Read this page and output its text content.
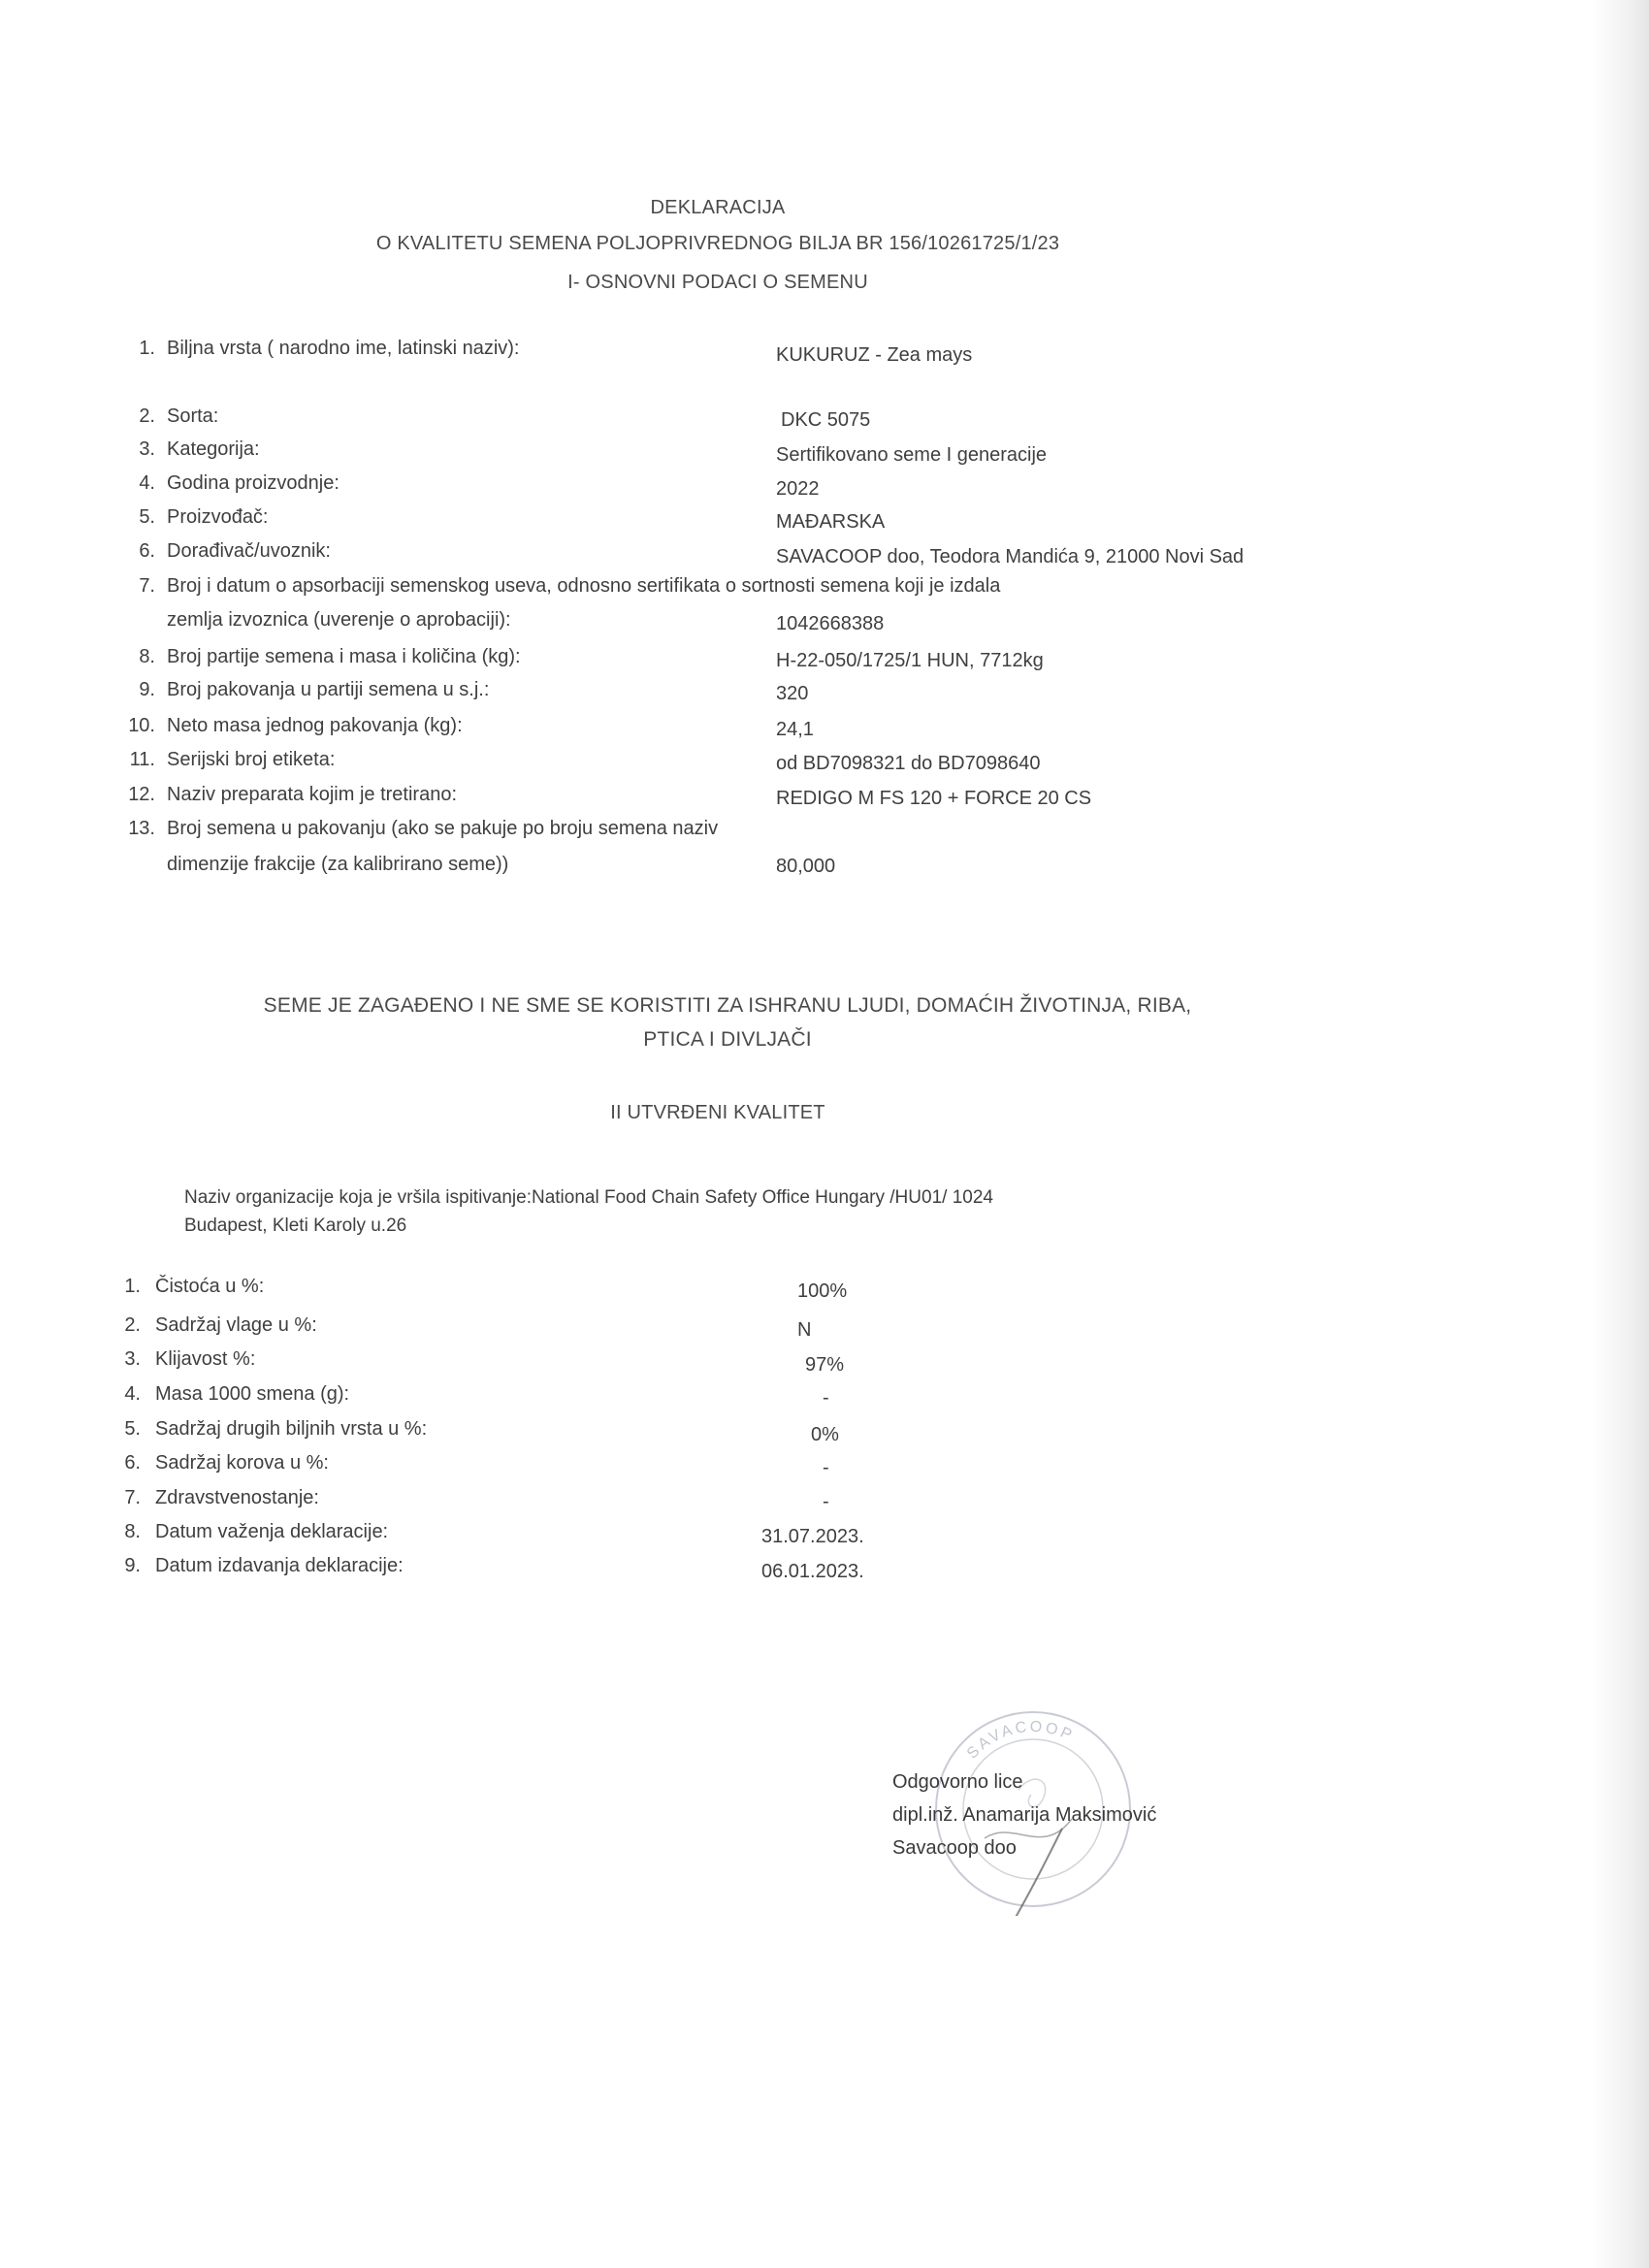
DEKLARACIJA
O KVALITETU SEMENA POLJOPRIVREDNOG BILJA BR 156/10261725/1/23
I- OSNOVNI PODACI O SEMENU
1. Biljna vrsta ( narodno ime, latinski naziv):	KUKURUZ - Zea mays
2. Sorta:	DKC 5075
3. Kategorija:	Sertifikovano seme I generacije
4. Godina proizvodnje:	2022
5. Proizvođač:	MAĐARSKA
6. Dorađivač/uvoznik:	SAVACOOP doo, Teodora Mandića 9, 21000 Novi Sad
7. Broj i datum o apsorbaciji semenskog useva, odnosno sertifikata o sortnosti semena koji je izdala
zemlja izvoznica (uverenje o aprobaciji):	1042668388
8. Broj partije semena i masa i količina (kg):	H-22-050/1725/1 HUN, 7712kg
9. Broj pakovanja u partiji semena u s.j.:	320
10. Neto masa jednog pakovanja (kg):	24,1
11. Serijski broj etiketa:	od BD7098321 do BD7098640
12. Naziv preparata kojim je tretirano:	REDIGO M FS 120 + FORCE 20 CS
13. Broj semena u pakovanju (ako se pakuje po broju semena naziv
dimenzije frakcije (za kalibrirano seme))	80,000
SEME JE ZAGAĐENO I NE SME SE KORISTITI ZA ISHRANU LJUDI, DOMAĆIH ŽIVOTINJA, RIBA,
PTICA I DIVLJAČI
II UTVRĐENI KVALITET
Naziv organizacije koja je vršila ispitivanje:National Food Chain Safety Office Hungary /HU01/ 1024
Budapest, Kleti Karoly u.26
1. Čistoća u %:	100%
2. Sadržaj vlage u %:	N
3. Klijavost %:	97%
4. Masa 1000 smena (g):	-
5. Sadržaj drugih biljnih vrsta u %:	0%
6. Sadržaj korova u %:	-
7. Zdravstvenostanje:	-
8. Datum važenja deklaracije:	31.07.2023.
9. Datum izdavanja deklaracije:	06.01.2023.
SAVACOOP
Odgovorno lice
dipl.inž. Anamarija Maksimović
Savacoop doo
